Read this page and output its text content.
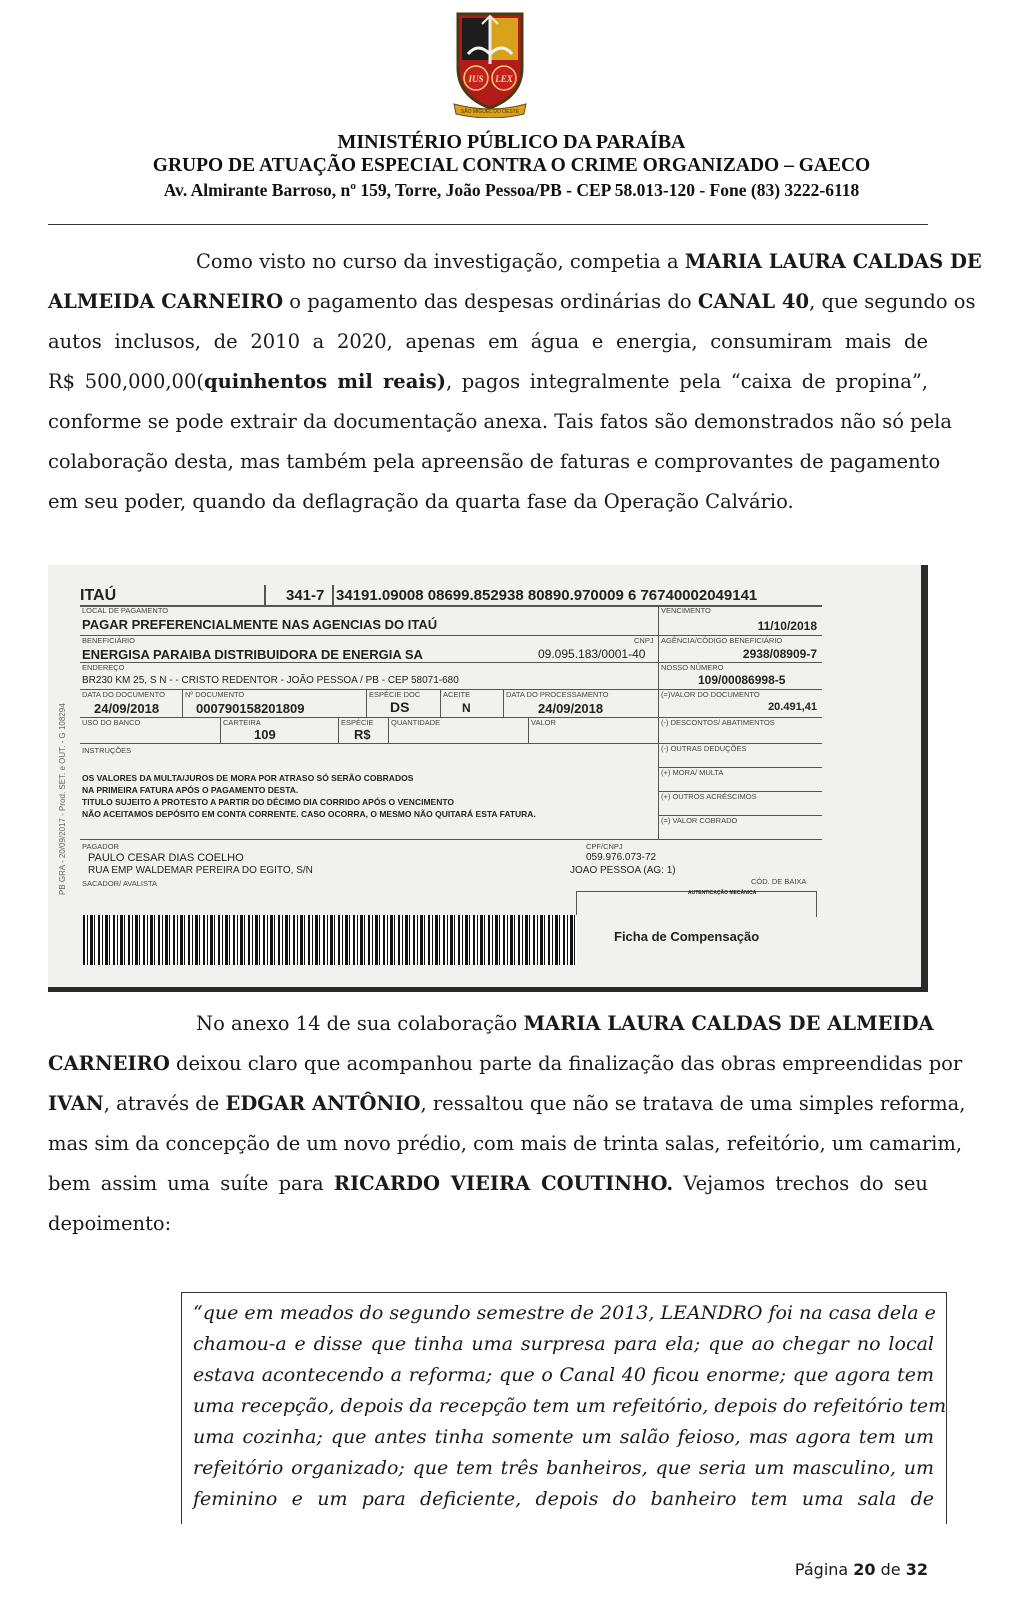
IUS LEX
SÃO MIGUEL DO OESTE
MINISTÉRIO PÚBLICO DA PARAÍBA
GRUPO DE ATUAÇÃO ESPECIAL CONTRA O CRIME ORGANIZADO – GAECO
Av. Almirante Barroso, nº 159, Torre, João Pessoa/PB - CEP 58.013-120 - Fone (83) 3222-6118
Como visto no curso da investigação, competia a MARIA LAURA CALDAS DE
ALMEIDA CARNEIRO o pagamento das despesas ordinárias do CANAL 40, que segundo os
autos inclusos, de 2010 a 2020, apenas em água e energia, consumiram mais de
R$ 500,000,00(quinhentos mil reais), pagos integralmente pela “caixa de propina”,
conforme se pode extrair da documentação anexa. Tais fatos são demonstrados não só pela
colaboração desta, mas também pela apreensão de faturas e comprovantes de pagamento
em seu poder, quando da deflagração da quarta fase da Operação Calvário.
PB GRA - 20/09/2017 - Prod. SET. e OUT. - G 108294
ITAÚ	341-7 34191.09008 08699.852938 80890.970009 6 76740002049141
VENCIMENTO
11/10/2018
LOCAL DE PAGAMENTO
PAGAR PREFERENCIALMENTE NAS AGENCIAS DO ITAÚ
BENEFICIÁRIO
ENERGISA PARAIBA DISTRIBUIDORA DE ENERGIA SA
CNPJ
09.095.183/0001-40
AGÊNCIA/CÓDIGO BENEFICIÁRIO
2938/08909-7
ENDEREÇO
BR230 KM 25, S N - - CRISTO REDENTOR - JOÃO PESSOA / PB - CEP 58071-680
NOSSO NÚMERO
109/00086998-5
DATA DO DOCUMENTO
24/09/2018
Nº DOCUMENTO
000790158201809
ESPÉCIE DOC
DS
ACEITE
N
DATA DO PROCESSAMENTO
24/09/2018
(=)VALOR DO DOCUMENTO
20.491,41
USO DO BANCO	CARTEIRA
109
ESPÉCIE
R$
QUANTIDADE	VALOR	(-) DESCONTOS/ ABATIMENTOS
INSTRUÇÕES	(-) OUTRAS DEDUÇÕES
(+) MORA/ MULTA
(+) OUTROS ACRÉSCIMOS
(=) VALOR COBRADO
OS VALORES DA MULTA/JUROS DE MORA POR ATRASO SÓ SERÃO COBRADOS
NA PRIMEIRA FATURA APÓS O PAGAMENTO DESTA.
TITULO SUJEITO A PROTESTO A PARTIR DO DÉCIMO DIA CORRIDO APÓS O VENCIMENTO
NÃO ACEITAMOS DEPÓSITO EM CONTA CORRENTE. CASO OCORRA, O MESMO NÃO QUITARÁ ESTA FATURA.
PAGADOR
PAULO CESAR DIAS COELHO
RUA EMP WALDEMAR PEREIRA DO EGITO, S/N
SACADOR/ AVALISTA
CPF/CNPJ
059.976.073-72
JOAO PESSOA (AG: 1)
CÓD. DE BAIXA
AUTENTICAÇÃO MECÂNICA
Ficha de Compensação
No anexo 14 de sua colaboração MARIA LAURA CALDAS DE ALMEIDA
CARNEIRO deixou claro que acompanhou parte da finalização das obras empreendidas por
IVAN, através de EDGAR ANTÔNIO, ressaltou que não se tratava de uma simples reforma,
mas sim da concepção de um novo prédio, com mais de trinta salas, refeitório, um camarim,
bem assim uma suíte para RICARDO VIEIRA COUTINHO. Vejamos trechos do seu
depoimento:
“que em meados do segundo semestre de 2013, LEANDRO foi na casa dela e
chamou-a e disse que tinha uma surpresa para ela; que ao chegar no local
estava acontecendo a reforma; que o Canal 40 ficou enorme; que agora tem
uma recepção, depois da recepção tem um refeitório, depois do refeitório tem
uma cozinha; que antes tinha somente um salão feioso, mas agora tem um
refeitório organizado; que tem três banheiros, que seria um masculino, um
feminino e um para deficiente, depois do banheiro tem uma sala de
Página 20 de 32
